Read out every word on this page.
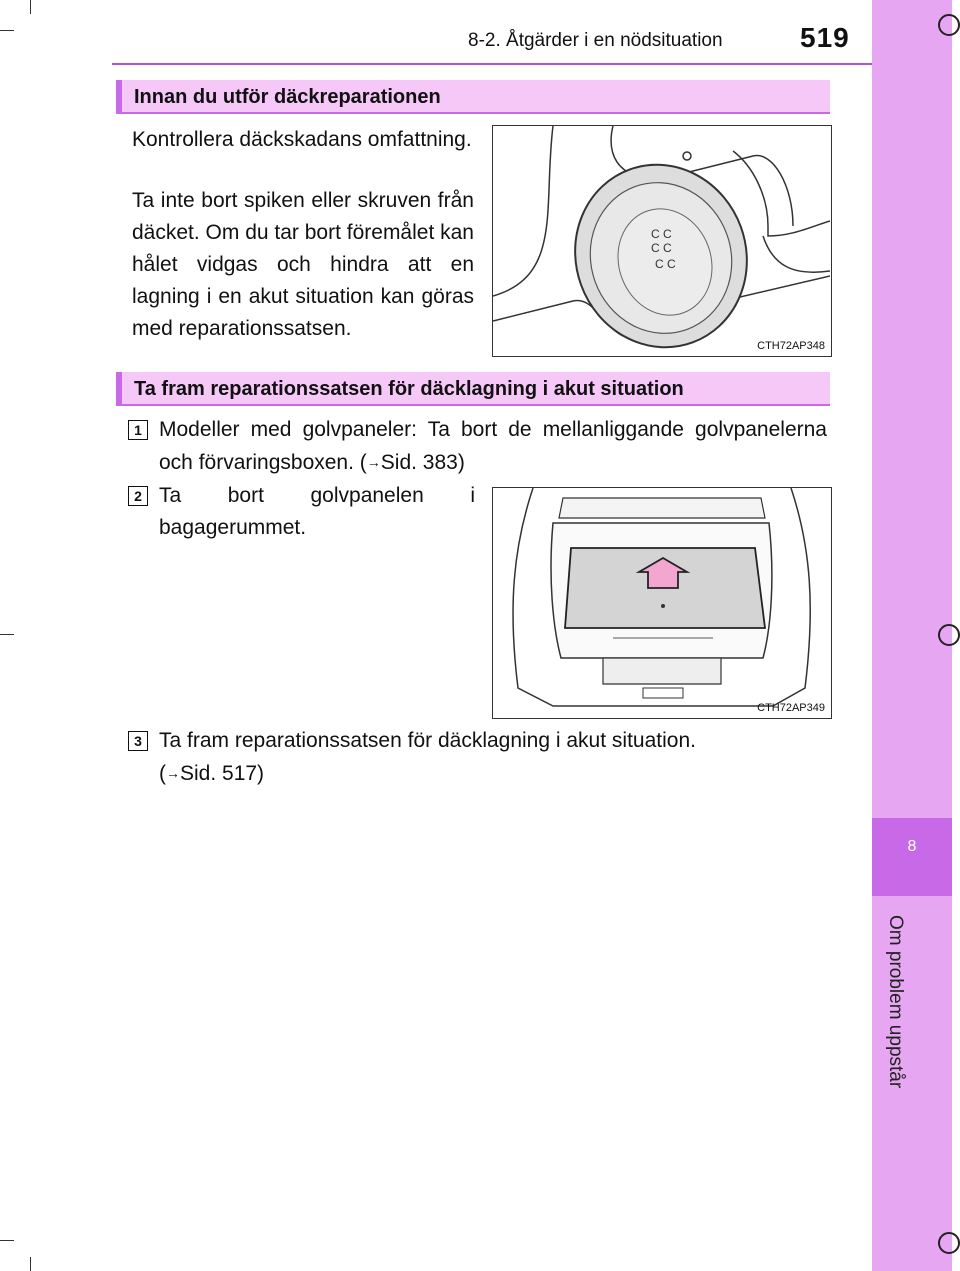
8
Om problem uppstår
8-2. Åtgärder i en nödsituation	519
Innan du utför däckreparationen
Kontrollera däckskadans omfattning.
Ta inte bort spiken eller skruven från däcket. Om du tar bort föremålet kan hålet vidgas och hindra att en lagning i en akut situation kan göras med reparationssatsen.
C C
C C
C C
CTH72AP348
Ta fram reparationssatsen för däcklagning i akut situation
1 Modeller med golvpaneler: Ta bort de mellanliggande golvpanelerna och förvaringsboxen. (→Sid. 383)
2 Ta bort golvpanelen i bagagerummet.
CTH72AP349
3 Ta fram reparationssatsen för däcklagning i akut situation.
(→Sid. 517)
